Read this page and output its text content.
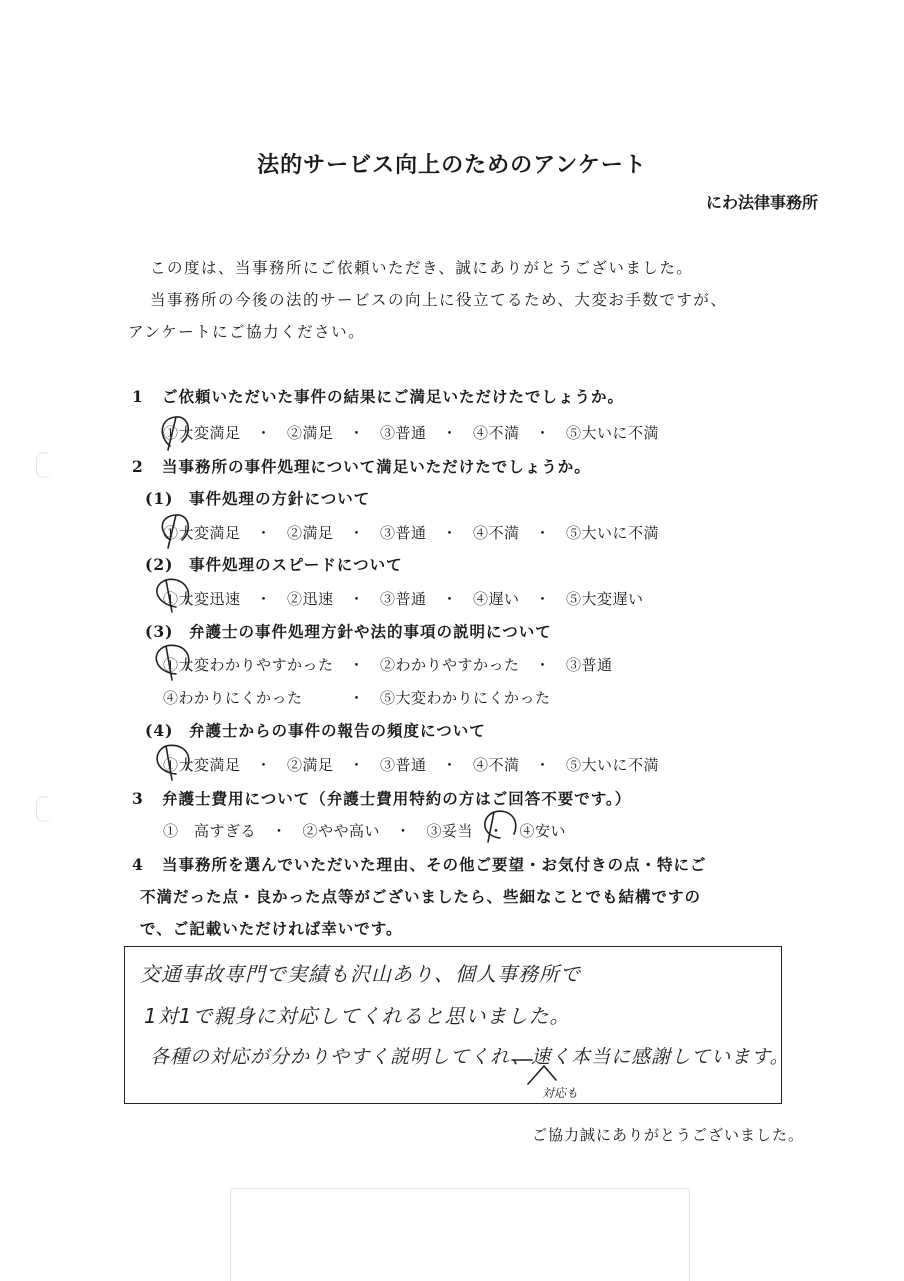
法的サービス向上のためのアンケート
にわ法律事務所
この度は、当事務所にご依頼いただき、誠にありがとうございました。
当事務所の今後の法的サービスの向上に役立てるため、大変お手数ですが、
アンケートにご協力ください。
1 ご依頼いただいた事件の結果にご満足いただけたでしょうか。
①大変満足　・　②満足　・　③普通　・　④不満　・　⑤大いに不満
2 当事務所の事件処理について満足いただけたでしょうか。
(1) 事件処理の方針について
①大変満足　・　②満足　・　③普通　・　④不満　・　⑤大いに不満
(2) 事件処理のスピードについて
①大変迅速　・　②迅速　・　③普通　・　④遅い　・　⑤大変遅い
(3) 弁護士の事件処理方針や法的事項の説明について
①大変わかりやすかった　・　②わかりやすかった　・　③普通
④わかりにくかった　　　・　⑤大変わかりにくかった
(4) 弁護士からの事件の報告の頻度について
①大変満足　・　②満足　・　③普通　・　④不満　・　⑤大いに不満
3 弁護士費用について（弁護士費用特約の方はご回答不要です。）
①　高すぎる　・　②やや高い　・　③妥当　・　④安い
4 当事務所を選んでいただいた理由、その他ご要望・お気付きの点・特にご
不満だった点・良かった点等がございましたら、些細なことでも結構ですの
で、ご記載いただければ幸いです。
交通事故専門で実績も沢山あり、個人事務所で
1対1で親身に対応してくれると思いました。
各種の対応が分かりやすく説明してくれ、速く本当に感謝しています。
対応も
ご協力誠にありがとうございました。
